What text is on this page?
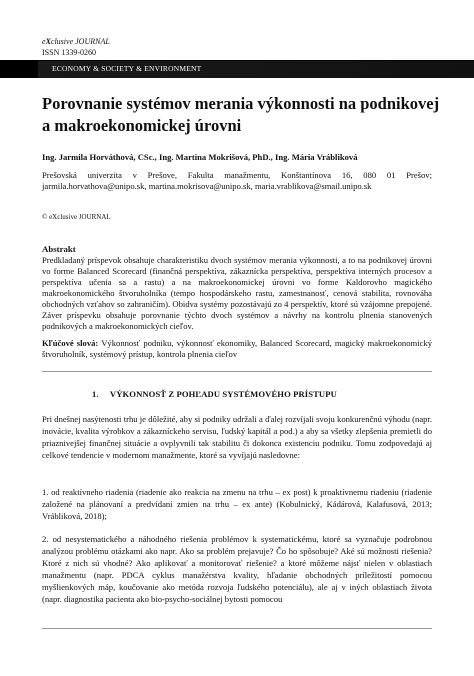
eXclusive JOURNAL
ISSN 1339-0260
ECONOMY & SOCIETY & ENVIRONMENT
Porovnanie systémov merania výkonnosti na podnikovej a makroekonomickej úrovni
Ing. Jarmila Horváthová, CSc., Ing. Martina Mokrišová, PhD., Ing. Mária Vrábliková
Prešovská univerzita v Prešove, Fakulta manažmentu, Konštantínova 16, 080 01 Prešov; jarmila.horvathova@unipo.sk, martina.mokrisova@unipo.sk, maria.vrablikova@smail.unipo.sk
© eXclusive JOURNAL
Abstrakt
Predkladaný príspevok obsahuje charakteristiku dvoch systémov merania výkonnosti, a to na podnikovej úrovni vo forme Balanced Scorecard (finančná perspektíva, zákaznícka perspektíva, perspektíva interných procesov a perspektíva učenia sa a rastu) a na makroekonomickej úrovni vo forme Kaldorovho magického makroekonomického štvoruholníka (tempo hospodárskeho rastu, zamestnanosť, cenová stabilita, rovnováha obchodných vzťahov so zahraničím). Obidva systémy pozostávajú zo 4 perspektív, ktoré sú vzájomne prepojené. Záver príspevku obsahuje porovnanie týchto dvoch systémov a návrhy na kontrolu plnenia stanovených podnikových a makroekonomických cieľov.
Kľúčové slová: Výkonnosť podniku, výkonnosť ekonomiky, Balanced Scorecard, magický makroekonomický štvoruholník, systémový prístup, kontrola plnenia cieľov
1.     VÝKONNOSŤ Z POHĽADU SYSTÉMOVÉHO PRÍSTUPU
Pri dnešnej nasýtenosti trhu je dôležité, aby si podniky udržali a ďalej rozvíjali svoju konkurenčnú výhodu (napr. inovácie, kvalita výrobkov a zákazníckeho servisu, ľudský kapitál a pod.) a aby sa všetky zlepšenia premietli do priaznivejšej finančnej situácie a ovplyvnili tak stabilitu či dokonca existenciu podniku. Tomu zodpovedajú aj celkové tendencie v modernom manažmente, ktoré sa vyvíjajú nasledovne:
1. od reaktívneho riadenia (riadenie ako reakcia na zmenu na trhu – ex post) k proaktívnemu riadeniu (riadenie založené na plánovaní a predvídaní zmien na trhu – ex ante) (Kobulnický, Kádárová, Kalafusová, 2013; Vrábliková, 2018);
2. od nesystematického a náhodného riešenia problémov k systematickému, ktoré sa vyznačuje podrobnou analýzou problému otázkami ako napr. Ako sa problém prejavuje? Čo ho spôsobuje? Aké sú možnosti riešenia? Ktoré z nich sú vhodné? Ako aplikovať a monitorovať riešenie? a ktoré môžeme nájsť nielen v oblastiach manažmentu (napr. PDCA cyklus manažérstva kvality, hľadanie obchodných príležitostí pomocou myšlienkových máp, koučovanie ako metóda rozvoja ľudského potenciálu), ale aj v iných oblastiach života (napr. diagnostika pacienta ako bio-psycho-sociálnej bytosti pomocou
